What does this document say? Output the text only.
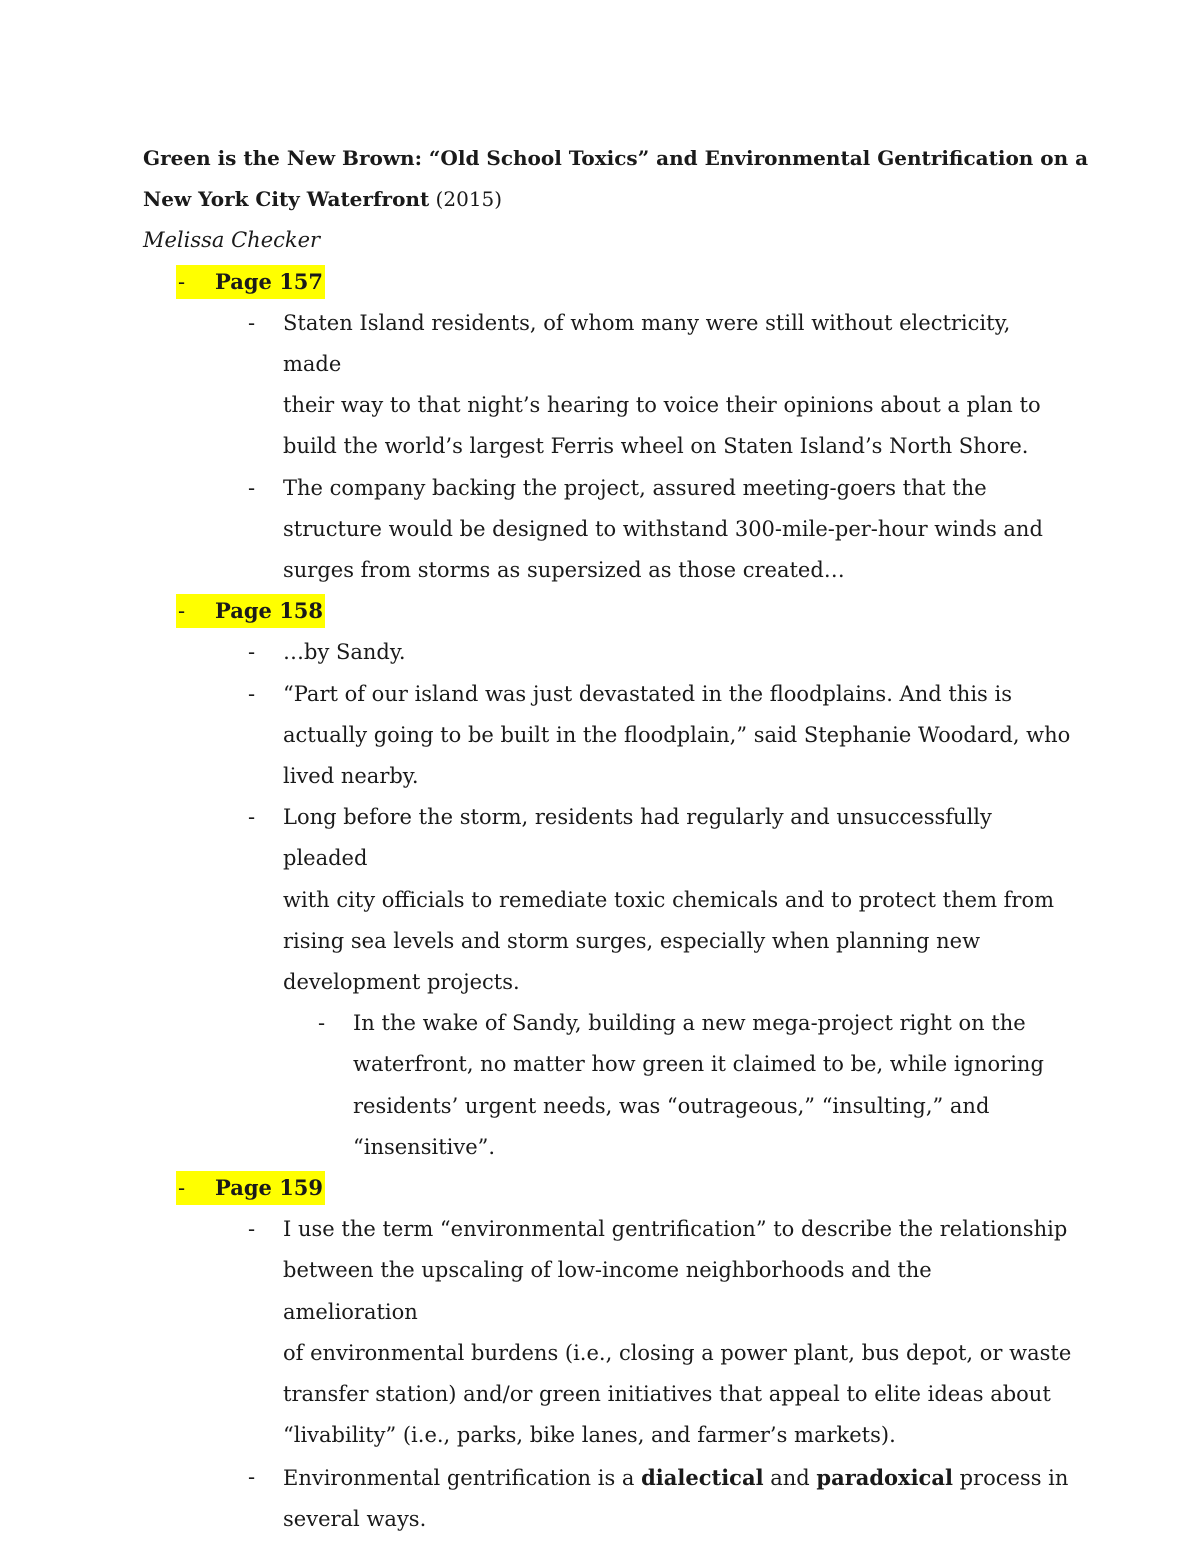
Green is the New Brown: “Old School Toxics” and Environmental Gentrification on a
New York City Waterfront (2015)
Melissa Checker
- Page 157
- Staten Island residents, of whom many were still without electricity, made
their way to that night’s hearing to voice their opinions about a plan to
build the world’s largest Ferris wheel on Staten Island’s North Shore.

- The company backing the project, assured meeting-goers that the
structure would be designed to withstand 300-mile-per-hour winds and
surges from storms as supersized as those created…

- Page 158
- …by Sandy.

- “Part of our island was just devastated in the floodplains. And this is
actually going to be built in the floodplain,” said Stephanie Woodard, who
lived nearby.

- Long before the storm, residents had regularly and unsuccessfully pleaded
with city officials to remediate toxic chemicals and to protect them from
rising sea levels and storm surges, especially when planning new
development projects.

- In the wake of Sandy, building a new mega-project right on the
waterfront, no matter how green it claimed to be, while ignoring
residents’ urgent needs, was “outrageous,” “insulting,” and
“insensitive”.

- Page 159
- I use the term “environmental gentrification” to describe the relationship
between the upscaling of low-income neighborhoods and the amelioration
of environmental burdens (i.e., closing a power plant, bus depot, or waste
transfer station) and/or green initiatives that appeal to elite ideas about
“livability” (i.e., parks, bike lanes, and farmer’s markets).

- Environmental gentrification is a dialectical and paradoxical process in
several ways.
